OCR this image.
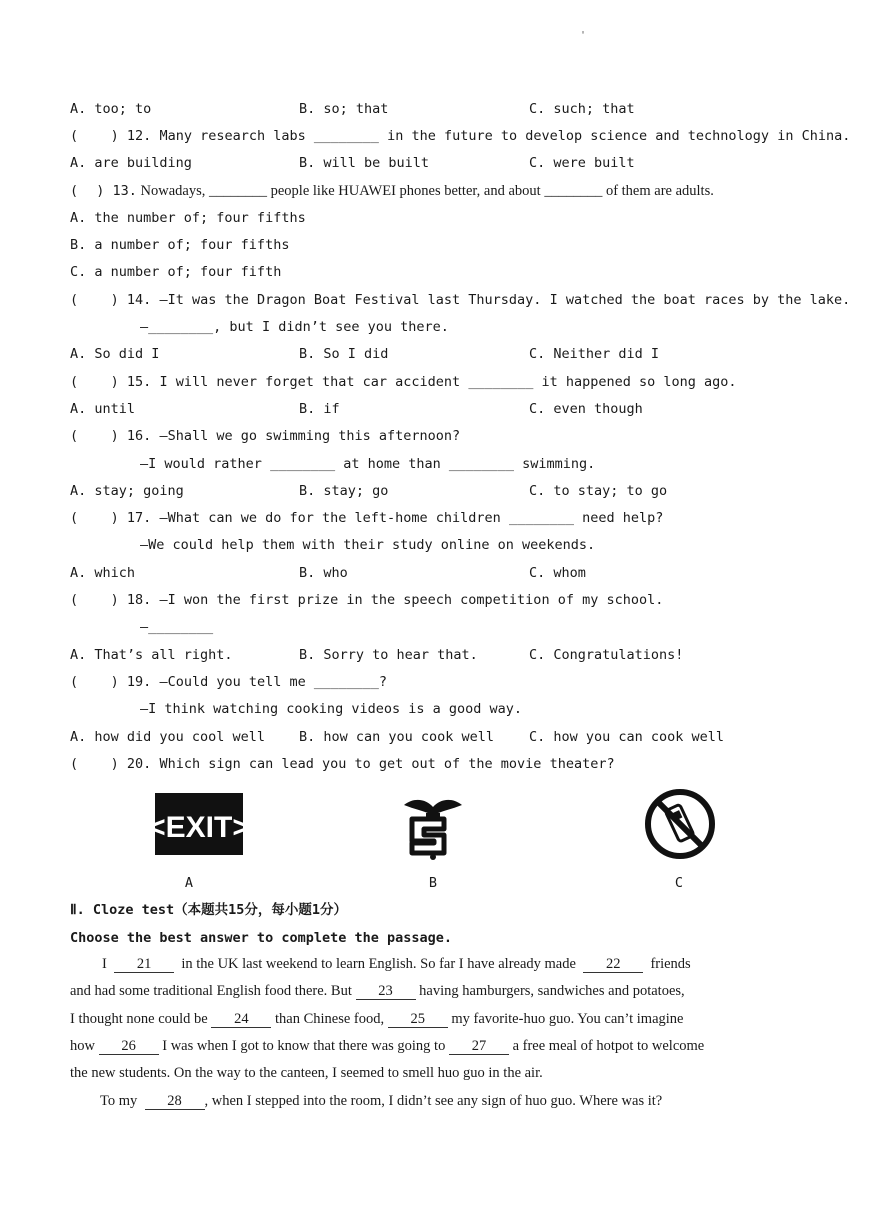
'
A. too; to	B. so; that	C. such; that
( ) 12. Many research labs ________ in the future to develop science and technology in China.
A. are building	B. will be built	C. were built
( ) 13. Nowadays, ________ people like HUAWEI phones better, and about ________ of them are adults.
A. the number of; four fifths
B. a number of; four fifths
C. a number of; four fifth
( ) 14. —It was the Dragon Boat Festival last Thursday. I watched the boat races by the lake.
—________, but I didn’t see you there.
A. So did I	B. So I did	C. Neither did I
( ) 15. I will never forget that car accident ________ it happened so long ago.
A. until	B. if	C. even though
( ) 16. —Shall we go swimming this afternoon?
—I would rather ________ at home than ________ swimming.
A. stay; going	B. stay; go	C. to stay; to go
( ) 17. —What can we do for the left-home children ________ need help?
—We could help them with their study online on weekends.
A. which	B. who	C. whom
( ) 18. —I won the first prize in the speech competition of my school.
—________
A. That’s all right.	B. Sorry to hear that.	C. Congratulations!
( ) 19. —Could you tell me ________?
—I think watching cooking videos is a good way.
A. how did you cool well	B. how can you cook well	C. how you can cook well
( ) 20. Which sign can lead you to get out of the movie theater?
<EXIT>
A	B	C
Ⅱ. Cloze test（本题共15分，每小题1分）
Choose the best answer to complete the passage.
I 21 in the UK last weekend to learn English. So far I have already made 22 friends
and had some traditional English food there. But 23 having hamburgers, sandwiches and potatoes,
I thought none could be 24 than Chinese food, 25 my favorite-huo guo. You can’t imagine
how 26 I was when I got to know that there was going to 27 a free meal of hotpot to welcome
the new students. On the way to the canteen, I seemed to smell huo guo in the air.
To my 28 , when I stepped into the room, I didn’t see any sign of huo guo. Where was it?
